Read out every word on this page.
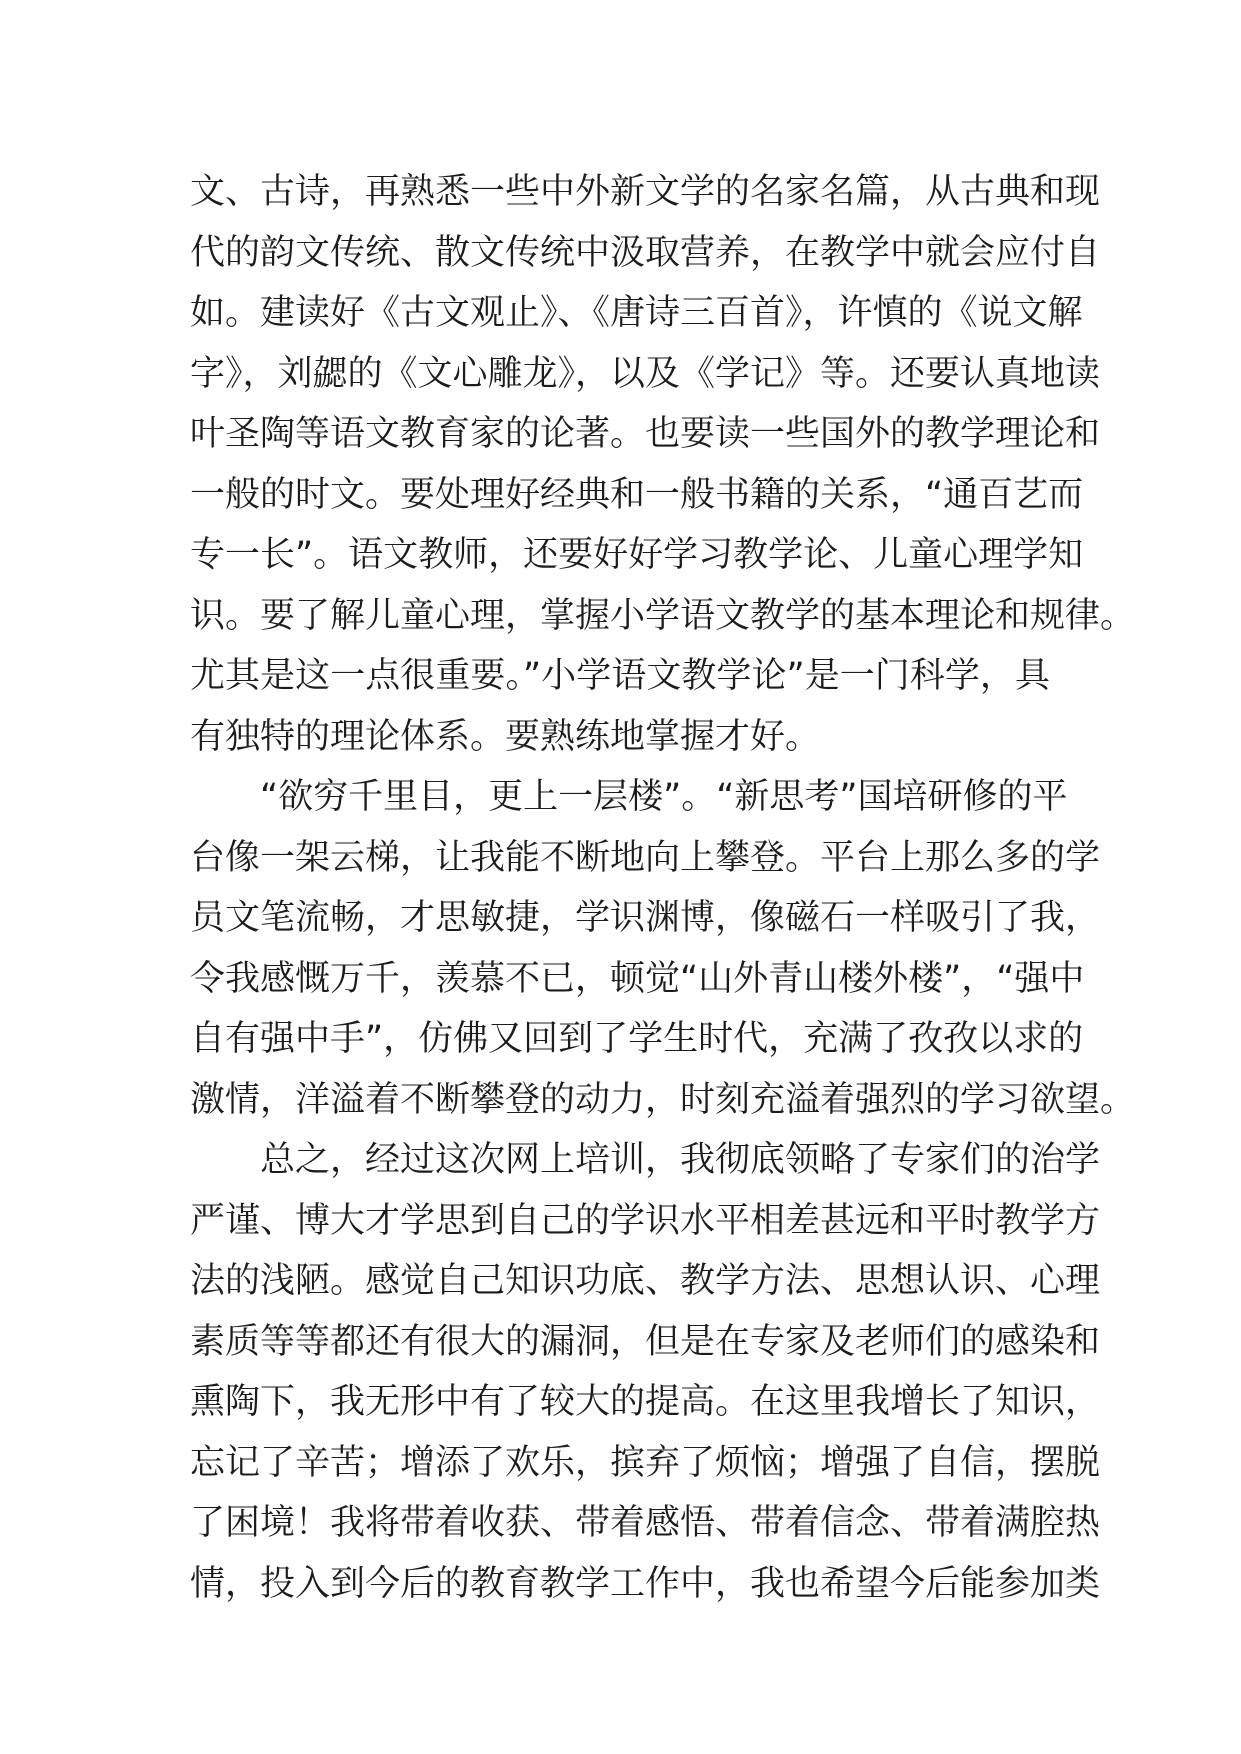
文、古诗，再熟悉一些中外新文学的名家名篇，从古典和现
代的韵文传统、散文传统中汲取营养，在教学中就会应付自
如。建读好《古文观止》、《唐诗三百首》，许慎的《说文解
字》，刘勰的《文心雕龙》，以及《学记》等。还要认真地读
叶圣陶等语文教育家的论著。也要读一些国外的教学理论和
一般的时文。要处理好经典和一般书籍的关系，“通百艺而
专一长”。语文教师，还要好好学习教学论、儿童心理学知
识。要了解儿童心理，掌握小学语文教学的基本理论和规律。
尤其是这一点很重要。”小学语文教学论”是一门科学，具
有独特的理论体系。要熟练地掌握才好。
“欲穷千里目，更上一层楼”。“新思考”国培研修的平
台像一架云梯，让我能不断地向上攀登。平台上那么多的学
员文笔流畅，才思敏捷，学识渊博，像磁石一样吸引了我，
令我感慨万千，羡慕不已，顿觉“山外青山楼外楼”，“强中
自有强中手”，仿佛又回到了学生时代，充满了孜孜以求的
激情，洋溢着不断攀登的动力，时刻充溢着强烈的学习欲望。
总之，经过这次网上培训，我彻底领略了专家们的治学
严谨、博大才学思到自己的学识水平相差甚远和平时教学方
法的浅陋。感觉自己知识功底、教学方法、思想认识、心理
素质等等都还有很大的漏洞，但是在专家及老师们的感染和
熏陶下，我无形中有了较大的提高。在这里我增长了知识，
忘记了辛苦；增添了欢乐，摈弃了烦恼；增强了自信，摆脱
了困境！我将带着收获、带着感悟、带着信念、带着满腔热
情，投入到今后的教育教学工作中，我也希望今后能参加类
